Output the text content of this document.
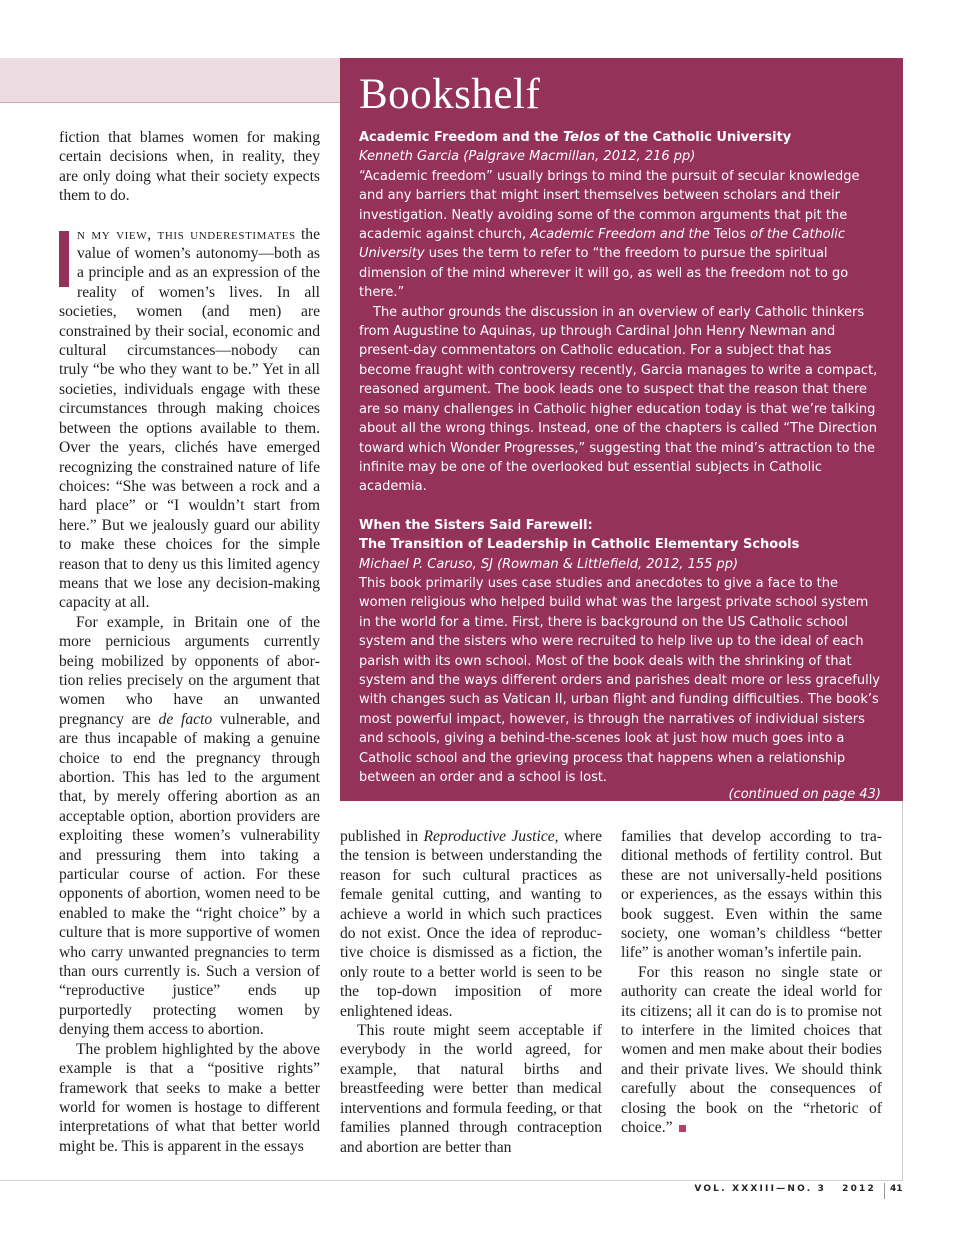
Bookshelf

Academic Freedom and the Telos of the Catholic University

Kenneth Garcia (Palgrave Macmillan, 2012, 216 pp)

“Academic freedom” usually brings to mind the pursuit of secular knowledge and any barriers that might insert themselves between scholars and their investigation. Neatly avoiding some of the common arguments that pit the academic against church, Academic Freedom and the Telos of the Catholic University uses the term to refer to “the freedom to pursue the spiritual dimension of the mind wherever it will go, as well as the freedom not to go there.”

The author grounds the discussion in an overview of early Catholic thinkers from Augustine to Aquinas, up through Cardinal John Henry Newman and present-day commentators on Catholic education. For a subject that has become fraught with controversy recently, Garcia manages to write a compact, reasoned argument. The book leads one to suspect that the reason that there are so many challenges in Catholic higher education today is that we’re talking about all the wrong things. Instead, one of the chapters is called “The Direction toward which Wonder Progresses,” suggesting that the mind’s attraction to the infinite may be one of the overlooked but essential subjects in Catholic academia.

When the Sisters Said Farewell:

The Transition of Leadership in Catholic Elementary Schools

Michael P. Caruso, SJ (Rowman & Littlefield, 2012, 155 pp)

This book primarily uses case studies and anecdotes to give a face to the women religious who helped build what was the largest private school system in the world for a time. First, there is background on the US Catholic school system and the sisters who were recruited to help live up to the ideal of each parish with its own school. Most of the book deals with the shrinking of that system and the ways different orders and parishes dealt more or less gracefully with changes such as Vatican II, urban flight and funding difficulties. The book’s most powerful impact, however, is through the narratives of individual sisters and schools, giving a behind-the-scenes look at just how much goes into a Catholic school and the grieving process that happens when a relationship between an order and a school is lost.

(continued on page 43)

fiction that blames women for making certain decisions when, in reality, they are only doing what their society expects them to do.

n my view, this underestimates the value of women’s autonomy—both as a principle and as an expression of the reality of women’s lives. In all societies, women (and men) are constrained by their social, economic and cultural circumstances—nobody can truly “be who they want to be.” Yet in all societies, individuals engage with these circumstances through making choices between the options available to them. Over the years, clichés have emerged recognizing the constrained nature of life choices: “She was between a rock and a hard place” or “I wouldn’t start from here.” But we jealously guard our ability to make these choices for the simple reason that to deny us this limited agency means that we lose any decision-making capacity at all.

For example, in Britain one of the more pernicious arguments currently being mobilized by opponents of abortion relies precisely on the argument that women who have an unwanted pregnancy are de facto vulnerable, and are thus incapable of making a genuine choice to end the pregnancy through abortion. This has led to the argument that, by merely offering abortion as an acceptable option, abortion providers are exploiting these women’s vulnerability and pressuring them into taking a particular course of action. For these opponents of abortion, women need to be enabled to make the “right choice” by a culture that is more supportive of women who carry unwanted pregnancies to term than ours currently is. Such a version of “reproductive justice” ends up purportedly protecting women by denying them access to abortion.

The problem highlighted by the above example is that a “positive rights” framework that seeks to make a better world for women is hostage to different interpretations of what that better world might be. This is apparent in the essays

published in Reproductive Justice, where the tension is between understanding the reason for such cultural practices as female genital cutting, and wanting to achieve a world in which such practices do not exist. Once the idea of reproductive choice is dismissed as a fiction, the only route to a better world is seen to be the top-down imposition of more enlightened ideas.

This route might seem acceptable if everybody in the world agreed, for example, that natural births and breastfeeding were better than medical interventions and formula feeding, or that families planned through contraception and abortion are better than

families that develop according to traditional methods of fertility control. But these are not universally-held positions or experiences, as the essays within this book suggest. Even within the same society, one woman’s childless “better life” is another woman’s infertile pain.

For this reason no single state or authority can create the ideal world for its citizens; all it can do is to promise not to interfere in the limited choices that women and men make about their bodies and their private lives. We should think carefully about the consequences of closing the book on the “rhetoric of choice.”

VOL. XXXIII—NO. 3   2012 41
